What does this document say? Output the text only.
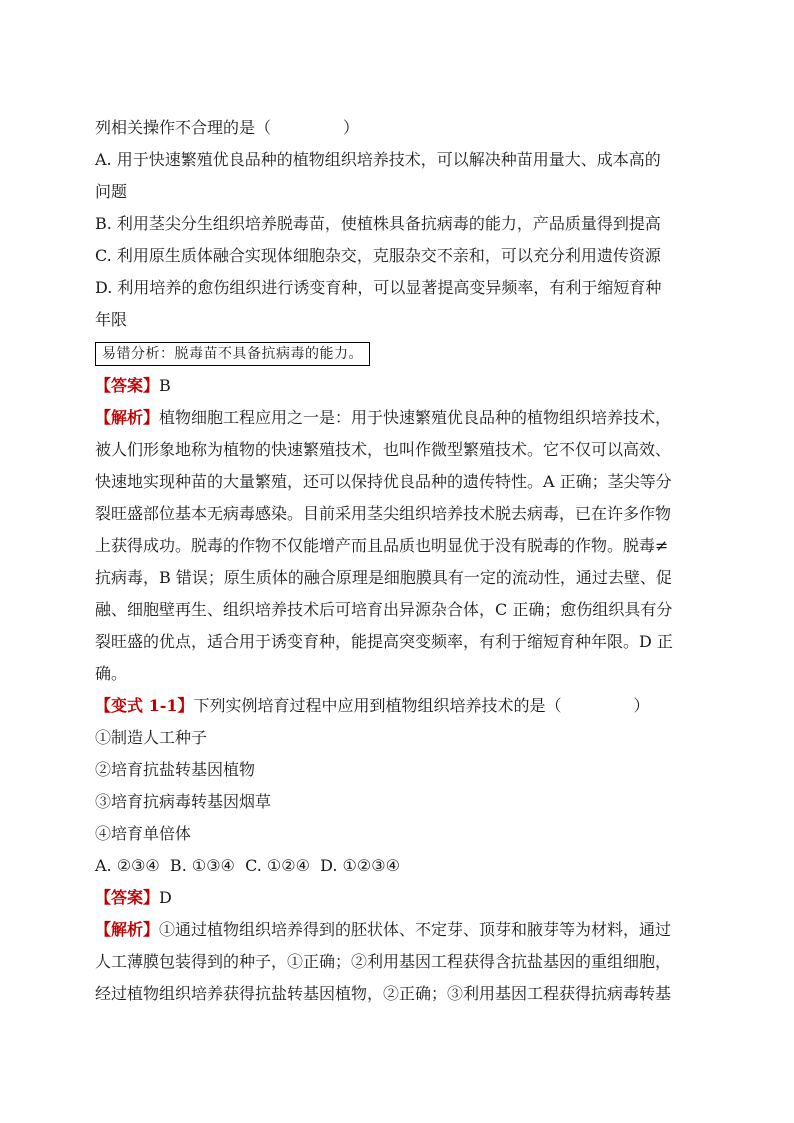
列相关操作不合理的是（	）
A. 用于快速繁殖优良品种的植物组织培养技术，可以解决种苗用量大、成本高的
问题
B. 利用茎尖分生组织培养脱毒苗，使植株具备抗病毒的能力，产品质量得到提高
C. 利用原生质体融合实现体细胞杂交，克服杂交不亲和，可以充分利用遗传资源
D. 利用培养的愈伤组织进行诱变育种，可以显著提高变异频率，有利于缩短育种
年限
易错分析：脱毒苗不具备抗病毒的能力。
【答案】B

【解析】植物细胞工程应用之一是：用于快速繁殖优良品种的植物组织培养技术，

被人们形象地称为植物的快速繁殖技术，也叫作微型繁殖技术。它不仅可以高效、

快速地实现种苗的大量繁殖，还可以保持优良品种的遗传特性。A 正确；茎尖等分

裂旺盛部位基本无病毒感染。目前采用茎尖组织培养技术脱去病毒，已在许多作物

上获得成功。脱毒的作物不仅能增产而且品质也明显优于没有脱毒的作物。脱毒≠

抗病毒，B 错误；原生质体的融合原理是细胞膜具有一定的流动性，通过去壁、促

融、细胞壁再生、组织培养技术后可培育出异源杂合体，C 正确；愈伤组织具有分

裂旺盛的优点，适合用于诱变育种，能提高突变频率，有利于缩短育种年限。D 正

确。

【变式 1-1】下列实例培育过程中应用到植物组织培养技术的是（	）
①制造人工种子
②培育抗盐转基因植物
③培育抗病毒转基因烟草
④培育单倍体
A. ②③④  B. ①③④  C. ①②④  D. ①②③④
【答案】D

【解析】①通过植物组织培养得到的胚状体、不定芽、顶芽和腋芽等为材料，通过

人工薄膜包装得到的种子，①正确；②利用基因工程获得含抗盐基因的重组细胞，

经过植物组织培养获得抗盐转基因植物，②正确；③利用基因工程获得抗病毒转基
